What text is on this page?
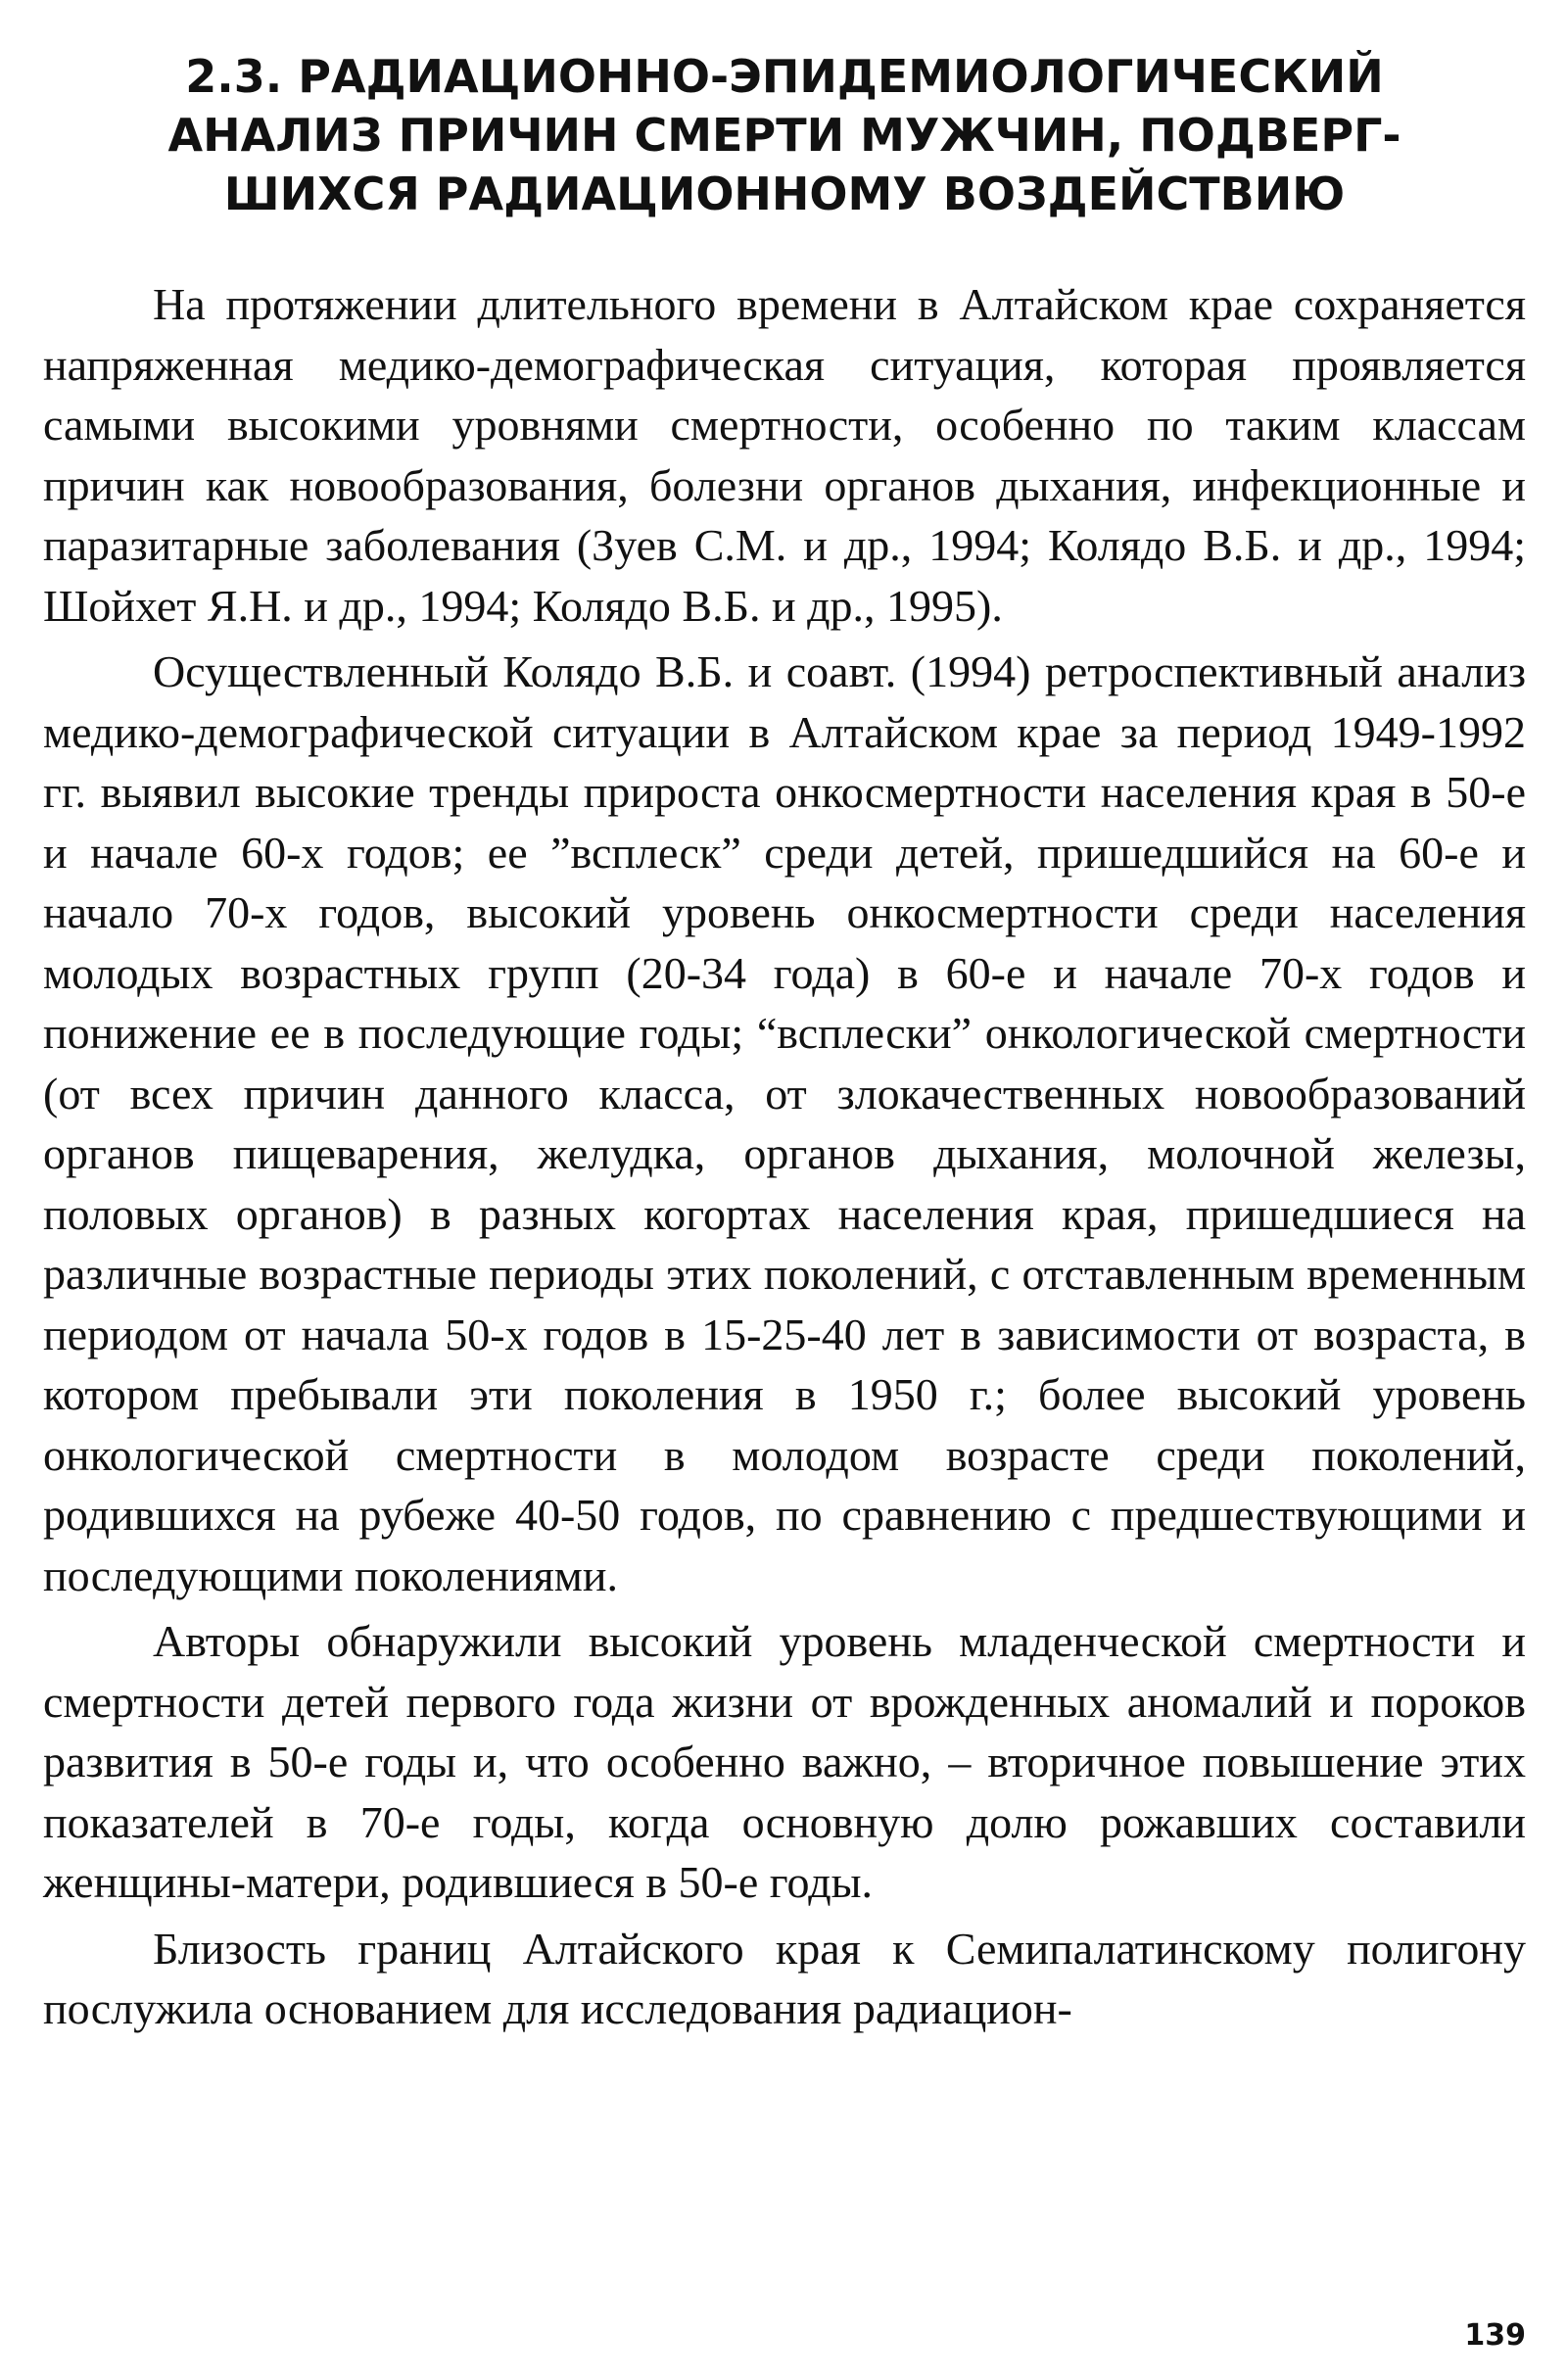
2.3. РАДИАЦИОННО-ЭПИДЕМИОЛОГИЧЕСКИЙ
АНАЛИЗ ПРИЧИН СМЕРТИ МУЖЧИН, ПОДВЕРГ-
ШИХСЯ РАДИАЦИОННОМУ ВОЗДЕЙСТВИЮ

На протяжении длительного времени в Алтайском крае сохраняется напряженная медико-демографическая ситуация, которая проявляется самыми высокими уровнями смертности, особенно по таким классам причин как новообразования, болезни органов дыхания, инфекционные и паразитарные заболевания (Зуев С.М. и др., 1994; Колядо В.Б. и др., 1994; Шойхет Я.Н. и др., 1994; Колядо В.Б. и др., 1995).

Осуществленный Колядо В.Б. и соавт. (1994) ретроспективный анализ медико-демографической ситуации в Алтайском крае за период 1949-1992 гг. выявил высокие тренды прироста онкосмертности населения края в 50-е и начале 60-х годов; ее ”всплеск” среди детей, пришедшийся на 60-е и начало 70-х годов, высокий уровень онкосмертности среди населения молодых возрастных групп (20-34 года) в 60-е и начале 70-х годов и понижение ее в последующие годы; “всплески” онкологической смертности (от всех причин данного класса, от злокачественных новообразований органов пищеварения, желудка, органов дыхания, молочной железы, половых органов) в разных когортах населения края, пришедшиеся на различные возрастные периоды этих поколений, с отставленным временным периодом от начала 50-х годов в 15-25-40 лет в зависимости от возраста, в котором пребывали эти поколения в 1950 г.; более высокий уровень онкологической смертности в молодом возрасте среди поколений, родившихся на рубеже 40-50 годов, по сравнению с предшествующими и последующими поколениями.

Авторы обнаружили высокий уровень младенческой смертности и смертности детей первого года жизни от врожденных аномалий и пороков развития в 50-е годы и, что особенно важно, – вторичное повышение этих показателей в 70-е годы, когда основную долю рожавших составили женщины-матери, родившиеся в 50-е годы.

Близость границ Алтайского края к Семипалатинскому полигону послужила основанием для исследования радиацион-

139
